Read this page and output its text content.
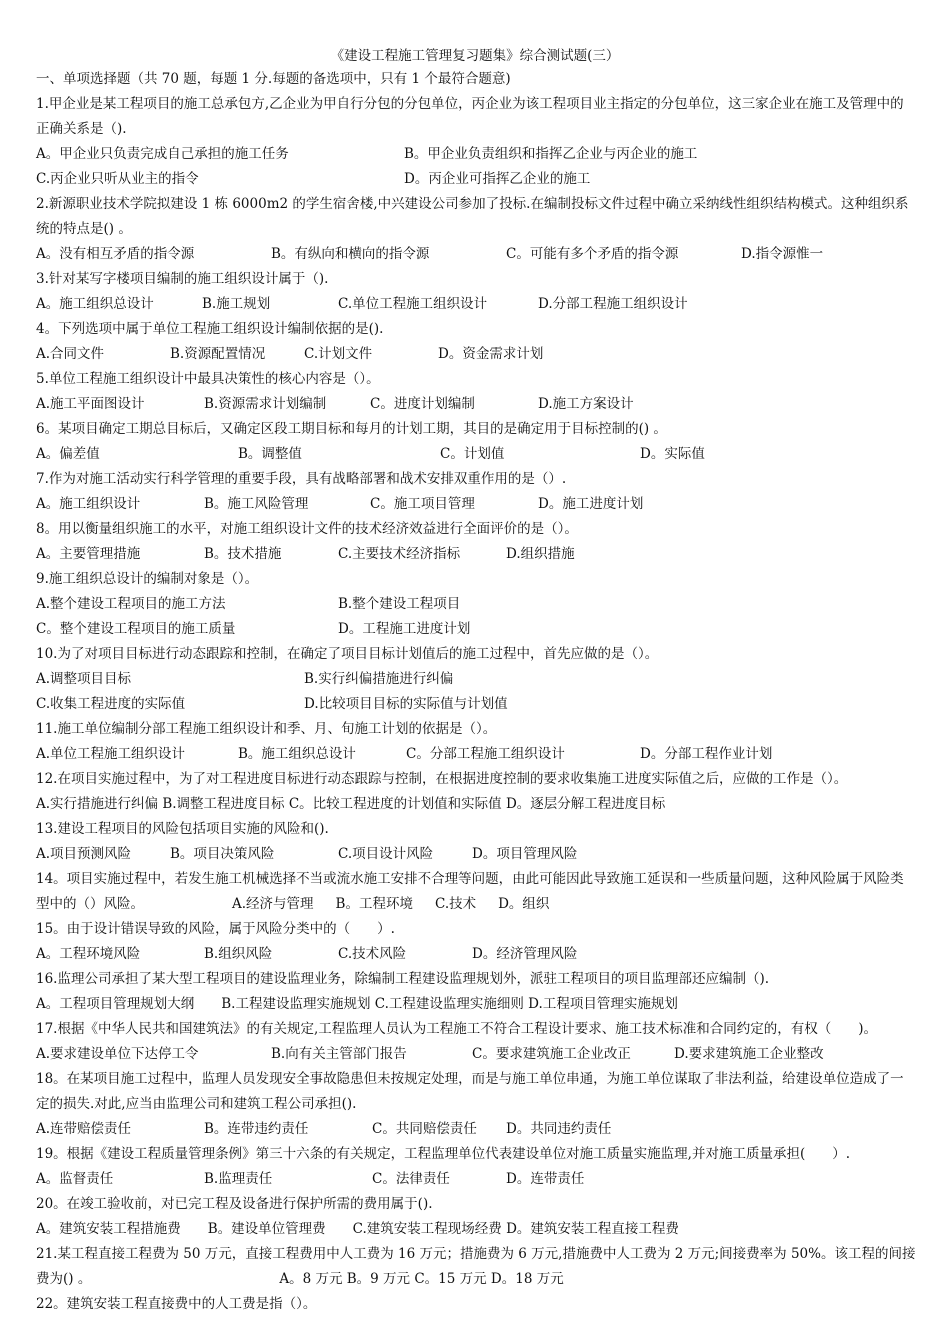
《建设工程施工管理复习题集》综合测试题(三）
一、单项选择题（共 70 题，每题 1 分.每题的备选项中，只有 1 个最符合题意)
1.甲企业是某工程项目的施工总承包方,乙企业为甲自行分包的分包单位，丙企业为该工程项目业主指定的分包单位，这三家企业在施工及管理中的正确关系是（).
A。甲企业只负责完成自己承担的施工任务	B。甲企业负责组织和指挥乙企业与丙企业的施工
C.丙企业只听从业主的指令	D。丙企业可指挥乙企业的施工
2.新源职业技术学院拟建设 1 栋 6000m2 的学生宿舍楼,中兴建设公司参加了投标.在编制投标文件过程中确立采纳线性组织结构模式。这种组织系统的特点是() 。
A。没有相互矛盾的指令源	B。有纵向和横向的指令源	C。可能有多个矛盾的指令源	D.指令源惟一
3.针对某写字楼项目编制的施工组织设计属于（).
A。施工组织总设计	B.施工规划	C.单位工程施工组织设计	D.分部工程施工组织设计
4。下列选项中属于单位工程施工组织设计编制依据的是().
A.合同文件	B.资源配置情况	C.计划文件	D。资金需求计划
5.单位工程施工组织设计中最具决策性的核心内容是（）。
A.施工平面图设计	B.资源需求计划编制	C。进度计划编制	D.施工方案设计
6。某项目确定工期总目标后，又确定区段工期目标和每月的计划工期，其目的是确定用于目标控制的() 。
A。偏差值	B。调整值	C。计划值	D。实际值
7.作为对施工活动实行科学管理的重要手段，具有战略部署和战术安排双重作用的是（）.
A。施工组织设计	B。施工风险管理	C。施工项目管理	D。施工进度计划
8。用以衡量组织施工的水平，对施工组织设计文件的技术经济效益进行全面评价的是（）。
A。主要管理措施	B。技术措施	C.主要技术经济指标	D.组织措施
9.施工组织总设计的编制对象是（）。
A.整个建设工程项目的施工方法	B.整个建设工程项目
C。整个建设工程项目的施工质量	D。工程施工进度计划
10.为了对项目目标进行动态跟踪和控制，在确定了项目目标计划值后的施工过程中，首先应做的是（）。
A.调整项目目标	B.实行纠偏措施进行纠偏
C.收集工程进度的实际值	D.比较项目目标的实际值与计划值
11.施工单位编制分部工程施工组织设计和季、月、旬施工计划的依据是（）。
A.单位工程施工组织设计	B。施工组织总设计	C。分部工程施工组织设计	D。分部工程作业计划
12.在项目实施过程中，为了对工程进度目标进行动态跟踪与控制，在根据进度控制的要求收集施工进度实际值之后，应做的工作是（）。
A.实行措施进行纠偏 B.调整工程进度目标 C。比较工程进度的计划值和实际值 D。逐层分解工程进度目标
13.建设工程项目的风险包括项目实施的风险和().
A.项目预测风险	B。项目决策风险	C.项目设计风险	D。项目管理风险
14。项目实施过程中，若发生施工机械选择不当或流水施工安排不合理等问题，由此可能因此导致施工延误和一些质量问题，这种风险属于风险类型中的（）风险。	A.经济与管理 B。工程环境 C.技术 D。组织
15。由于设计错误导致的风险，属于风险分类中的（　　）.
A。工程环境风险	B.组织风险	C.技术风险	D。经济管理风险
16.监理公司承担了某大型工程项目的建设监理业务，除编制工程建设监理规划外，派驻工程项目的项目监理部还应编制（).
A。工程项目管理规划大纲　　B.工程建设监理实施规划 C.工程建设监理实施细则 D.工程项目管理实施规划
17.根据《中华人民共和国建筑法》的有关规定,工程监理人员认为工程施工不符合工程设计要求、施工技术标准和合同约定的，有权（　　)。
A.要求建设单位下达停工令	B.向有关主管部门报告	C。要求建筑施工企业改正	D.要求建筑施工企业整改
18。在某项目施工过程中，监理人员发现安全事故隐患但未按规定处理，而是与施工单位串通，为施工单位谋取了非法利益，给建设单位造成了一定的损失.对此,应当由监理公司和建筑工程公司承担().
A.连带赔偿责任	B。连带违约责任	C。共同赔偿责任 D。共同违约责任
19。根据《建设工程质量管理条例》第三十六条的有关规定，工程监理单位代表建设单位对施工质量实施监理,并对施工质量承担(　　）.
A。监督责任	B.监理责任	C。法律责任	D。连带责任
20。在竣工验收前，对已完工程及设备进行保护所需的费用属于().
A。建筑安装工程措施费　　B。建设单位管理费　　C.建筑安装工程现场经费 D。建筑安装工程直接工程费
21.某工程直接工程费为 50 万元，直接工程费用中人工费为 16 万元；措施费为 6 万元,措施费中人工费为 2 万元;间接费率为 50%。该工程的间接费为() 。	A。8 万元 B。9 万元 C。15 万元 D。18 万元
22。建筑安装工程直接费中的人工费是指（）。
